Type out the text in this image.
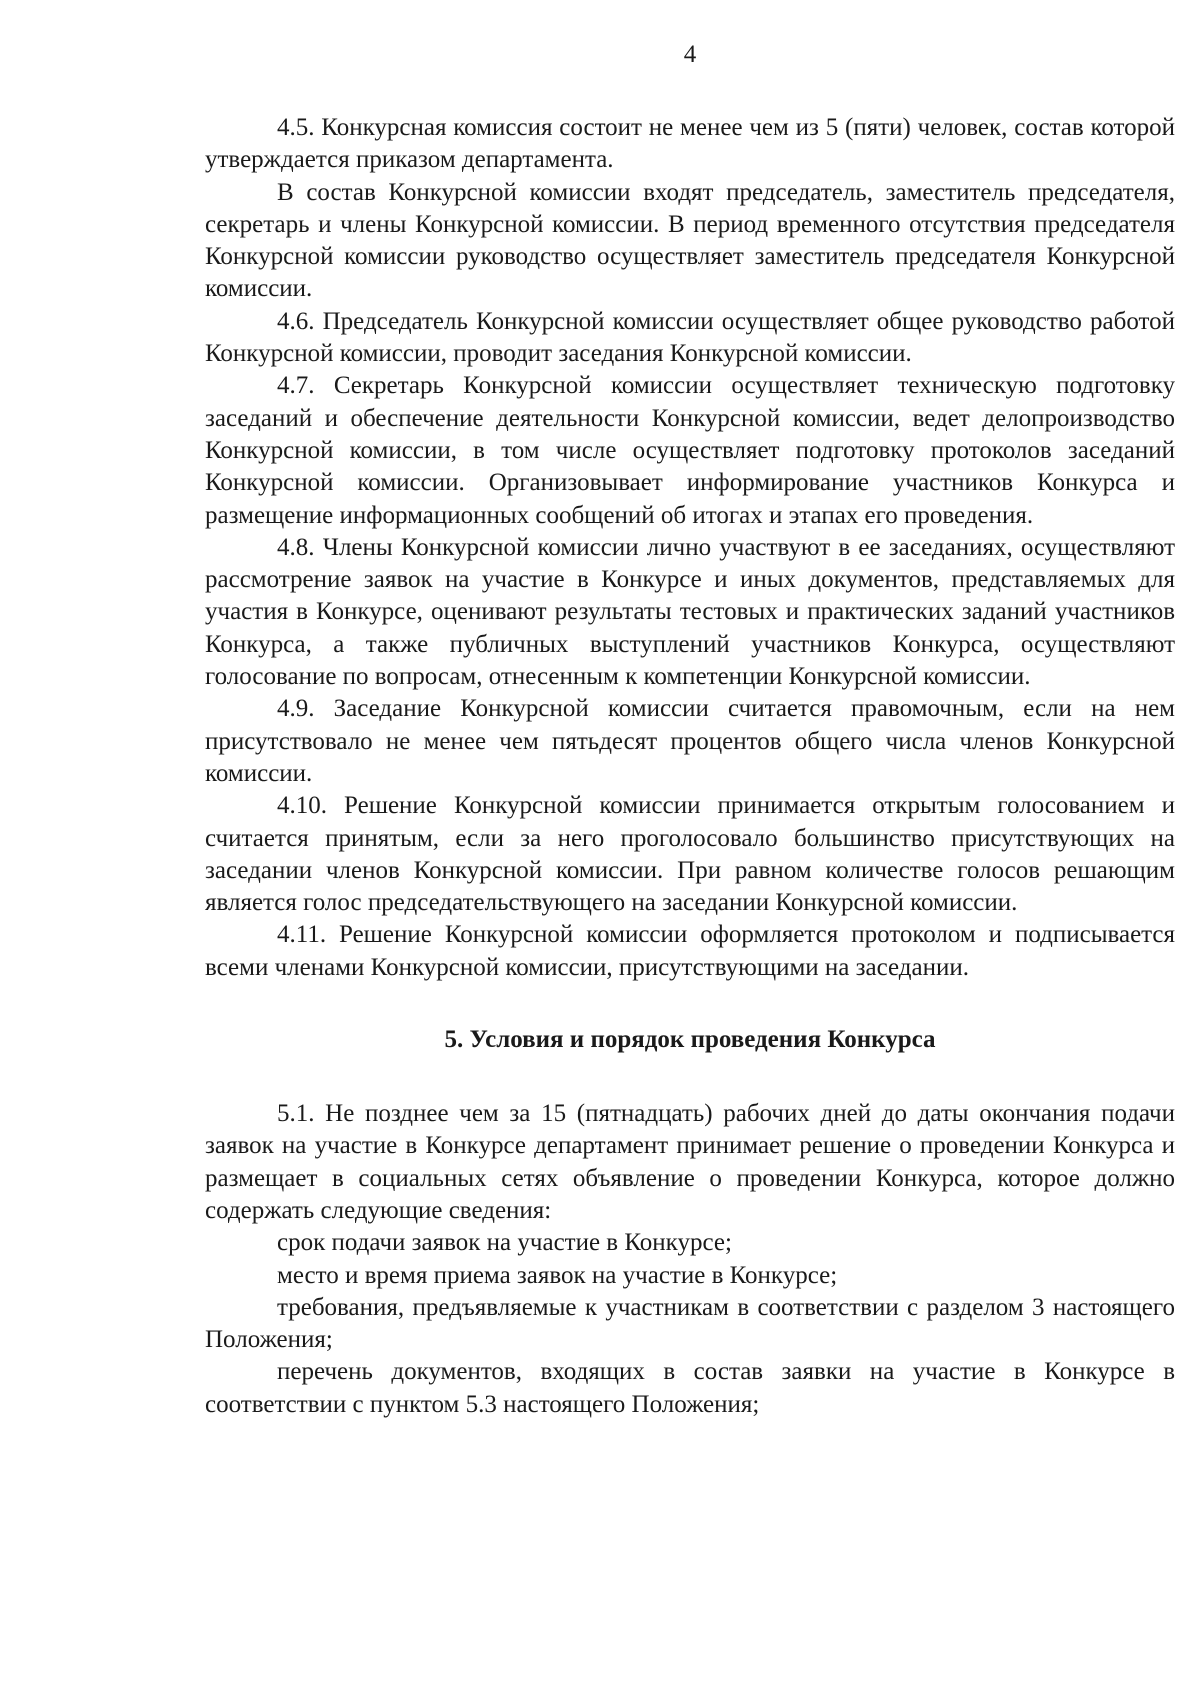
4

4.5. Конкурсная комиссия состоит не менее чем из 5 (пяти) человек, состав которой утверждается приказом департамента.

В состав Конкурсной комиссии входят председатель, заместитель председателя, секретарь и члены Конкурсной комиссии. В период временного отсутствия председателя Конкурсной комиссии руководство осуществляет заместитель председателя Конкурсной комиссии.

4.6. Председатель Конкурсной комиссии осуществляет общее руководство работой Конкурсной комиссии, проводит заседания Конкурсной комиссии.

4.7. Секретарь Конкурсной комиссии осуществляет техническую подготовку заседаний и обеспечение деятельности Конкурсной комиссии, ведет делопроизводство Конкурсной комиссии, в том числе осуществляет подготовку протоколов заседаний Конкурсной комиссии. Организовывает информирование участников Конкурса и размещение информационных сообщений об итогах и этапах его проведения.

4.8. Члены Конкурсной комиссии лично участвуют в ее заседаниях, осуществляют рассмотрение заявок на участие в Конкурсе и иных документов, представляемых для участия в Конкурсе, оценивают результаты тестовых и практических заданий участников Конкурса, а также публичных выступлений участников Конкурса, осуществляют голосование по вопросам, отнесенным к компетенции Конкурсной комиссии.

4.9. Заседание Конкурсной комиссии считается правомочным, если на нем присутствовало не менее чем пятьдесят процентов общего числа членов Конкурсной комиссии.

4.10. Решение Конкурсной комиссии принимается открытым голосованием и считается принятым, если за него проголосовало большинство присутствующих на заседании членов Конкурсной комиссии. При равном количестве голосов решающим является голос председательствующего на заседании Конкурсной комиссии.

4.11. Решение Конкурсной комиссии оформляется протоколом и подписывается всеми членами Конкурсной комиссии, присутствующими на заседании.

5. Условия и порядок проведения Конкурса

5.1. Не позднее чем за 15 (пятнадцать) рабочих дней до даты окончания подачи заявок на участие в Конкурсе департамент принимает решение о проведении Конкурса и размещает в социальных сетях объявление о проведении Конкурса, которое должно содержать следующие сведения:

срок подачи заявок на участие в Конкурсе;

место и время приема заявок на участие в Конкурсе;

требования, предъявляемые к участникам в соответствии с разделом 3 настоящего Положения;

перечень документов, входящих в состав заявки на участие в Конкурсе в соответствии с пунктом 5.3 настоящего Положения;
